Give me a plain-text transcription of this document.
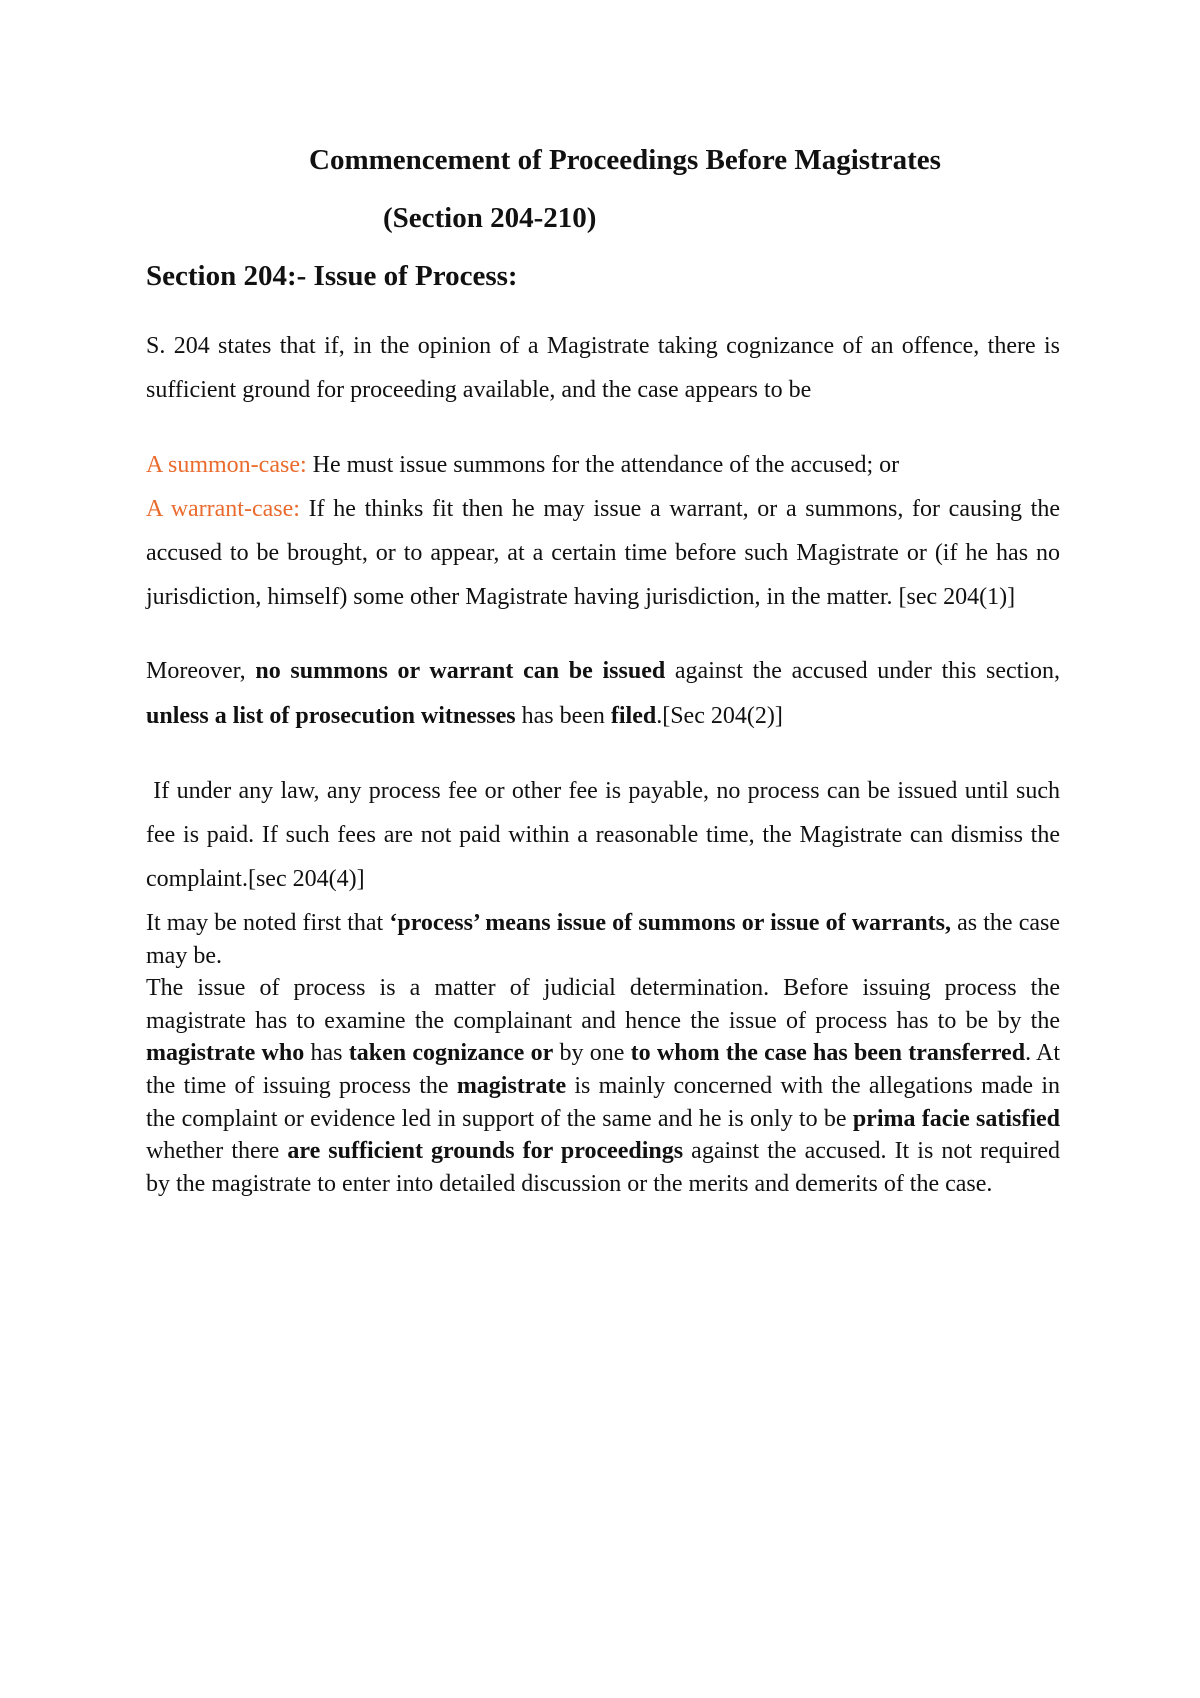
Commencement of Proceedings Before Magistrates
(Section 204-210)
Section 204:- Issue of Process:

S. 204 states that if, in the opinion of a Magistrate taking cognizance of an offence, there is sufficient ground for proceeding available, and the case appears to be

A summon-case: He must issue summons for the attendance of the accused; or
A warrant-case: If he thinks fit then he may issue a warrant, or a summons, for causing the accused to be brought, or to appear, at a certain time before such Magistrate or (if he has no jurisdiction, himself) some other Magistrate having jurisdiction, in the matter. [sec 204(1)]

Moreover, no summons or warrant can be issued against the accused under this section, unless a list of prosecution witnesses has been filed.[Sec 204(2)]

If under any law, any process fee or other fee is payable, no process can be issued until such fee is paid. If such fees are not paid within a reasonable time, the Magistrate can dismiss the complaint.[sec 204(4)]

It may be noted first that ‘process’ means issue of summons or issue of warrants, as the case may be.

The issue of process is a matter of judicial determination. Before issuing process the magistrate has to examine the complainant and hence the issue of process has to be by the magistrate who has taken cognizance or by one to whom the case has been transferred. At the time of issuing process the magistrate is mainly concerned with the allegations made in the complaint or evidence led in support of the same and he is only to be prima facie satisfied whether there are sufficient grounds for proceedings against the accused. It is not required by the magistrate to enter into detailed discussion or the merits and demerits of the case.
